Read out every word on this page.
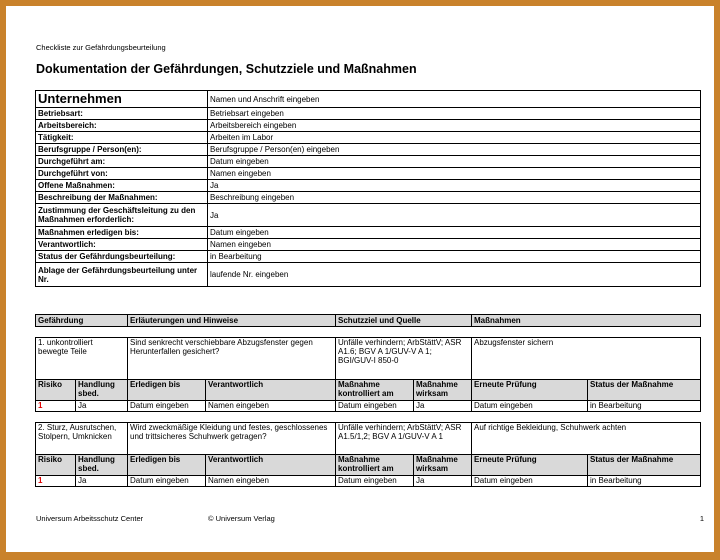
Checkliste zur Gefährdungsbeurteilung
Dokumentation der Gefährdungen, Schutzziele und Maßnahmen
Unternehmen	Namen und Anschrift eingeben
Betriebsart:	Betriebsart eingeben
Arbeitsbereich:	Arbeitsbereich eingeben
Tätigkeit:	Arbeiten im Labor
Berufsgruppe / Person(en):	Berufsgruppe / Person(en) eingeben
Durchgeführt am:	Datum eingeben
Durchgeführt von:	Namen eingeben
Offene Maßnahmen:	Ja
Beschreibung der Maßnahmen:	Beschreibung eingeben
Zustimmung der Geschäftsleitung zu den Maßnahmen erforderlich:	Ja
Maßnahmen erledigen bis:	Datum eingeben
Verantwortlich:	Namen eingeben
Status der Gefährdungsbeurteilung:	in Bearbeitung
Ablage der Gefährdungsbeurteilung unter Nr.	laufende Nr. eingeben
Gefährdung		Erläuterungen und Hinweise		Schutzziel und Quelle		Maßnahmen	

1. unkontrolliert bewegte Teile		Sind senkrecht verschiebbare Abzugsfenster gegen Herunterfallen gesichert?		Unfälle verhindern; ArbStättV; ASR A1.6; BGV A 1/GUV-V A 1; BGI/GUV-I 850-0		Abzugsfenster sichern	
Risiko	Handlung sbed.	Erledigen bis	Verantwortlich	Maßnahme kontrolliert am	Maßnahme wirksam	Erneute Prüfung	Status der Maßnahme
1	Ja	Datum eingeben	Namen eingeben	Datum eingeben	Ja	Datum eingeben	in Bearbeitung

2. Sturz, Ausrutschen, Stolpern, Umknicken		Wird zweckmäßige Kleidung und festes, geschlossenes und trittsicheres Schuhwerk getragen?		Unfälle verhindern; ArbStättV; ASR A1.5/1,2; BGV A 1/GUV-V A 1		Auf richtige Bekleidung, Schuhwerk achten	
Risiko	Handlung sbed.	Erledigen bis	Verantwortlich	Maßnahme kontrolliert am	Maßnahme wirksam	Erneute Prüfung	Status der Maßnahme
1	Ja	Datum eingeben	Namen eingeben	Datum eingeben	Ja	Datum eingeben	in Bearbeitung
Universum Arbeitsschutz Center	© Universum Verlag	1
